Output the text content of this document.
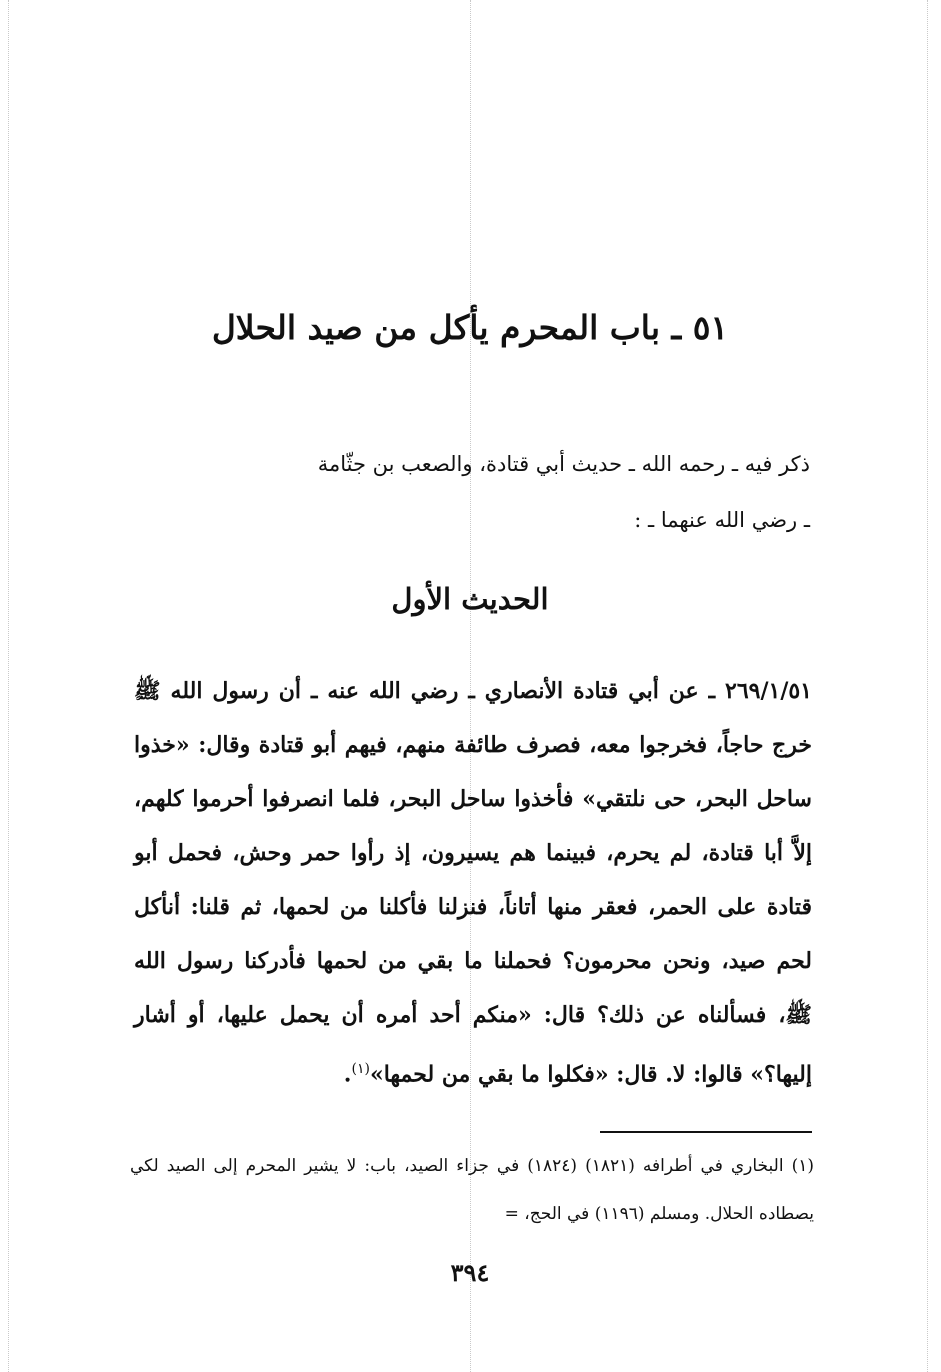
٥١ ـ باب المحرم يأكل من صيد الحلال
ذكر فيه ـ رحمه الله ـ حديث أبي قتادة، والصعب بن جثّامة
ـ رضي الله عنهما ـ :
الحديث الأول
٢٦٩/١/٥١ ـ عن أبي قتادة الأنصاري ـ رضي الله عنه ـ أن رسول الله ﷺ خرج حاجاً، فخرجوا معه، فصرف طائفة منهم، فيهم أبو قتادة وقال: «خذوا ساحل البحر، حى نلتقي» فأخذوا ساحل البحر، فلما انصرفوا أحرموا كلهم، إلاَّ أبا قتادة، لم يحرم، فبينما هم يسيرون، إذ رأوا حمر وحش، فحمل أبو قتادة على الحمر، فعقر منها أتاناً، فنزلنا فأكلنا من لحمها، ثم قلنا: أنأكل لحم صيد، ونحن محرمون؟ فحملنا ما بقي من لحمها فأدركنا رسول الله ﷺ، فسألناه عن ذلك؟ قال: «منكم أحد أمره أن يحمل عليها، أو أشار إليها؟» قالوا: لا. قال: «فكلوا ما بقي من لحمها»$^{(١)}$.
(١) البخاري في أطرافه (١٨٢١) (١٨٢٤) في جزاء الصيد، باب: لا يشير المحرم إلى الصيد لكي يصطاده الحلال. ومسلم (١١٩٦) في الحج، =
٣٩٤
